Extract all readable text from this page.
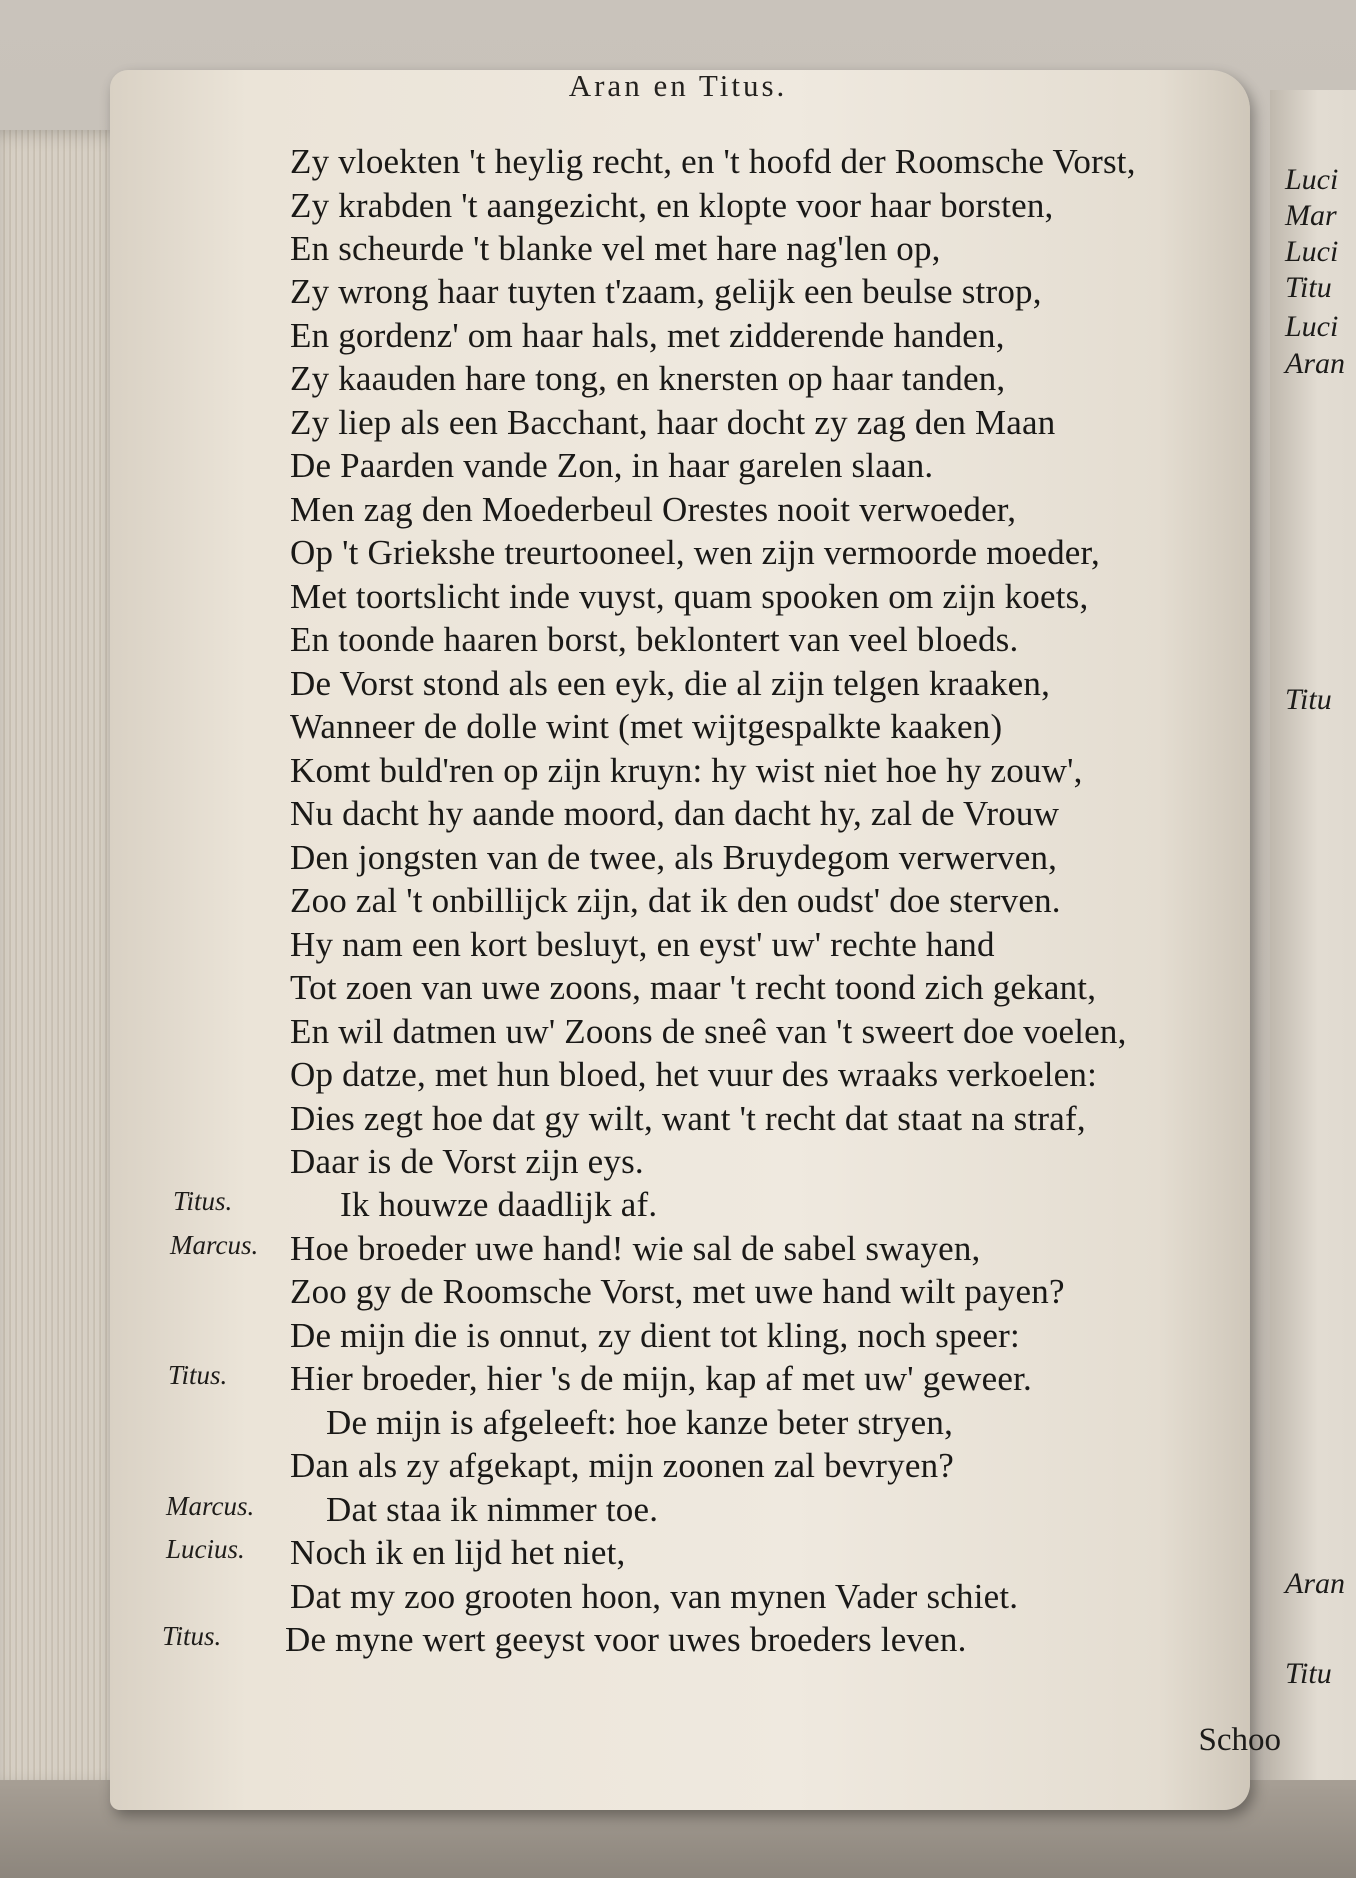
Luci
Mar
Luci
Titu
Luci
Aran
Titu
Aran
Titu
Aran en Titus.
Zy vloekten 't heylig recht, en 't hoofd der Roomsche Vorst,
Zy krabden 't aangezicht, en klopte voor haar borsten,
En scheurde 't blanke vel met hare nag'len op,
Zy wrong haar tuyten t'zaam, gelijk een beulse strop,
En gordenz' om haar hals, met zidderende handen,
Zy kaauden hare tong, en knersten op haar tanden,
Zy liep als een Bacchant, haar docht zy zag den Maan
De Paarden vande Zon, in haar garelen slaan.
Men zag den Moederbeul Orestes nooit verwoeder,
Op 't Griekshe treurtooneel, wen zijn vermoorde moeder,
Met toortslicht inde vuyst, quam spooken om zijn koets,
En toonde haaren borst, beklontert van veel bloeds.
De Vorst stond als een eyk, die al zijn telgen kraaken,
Wanneer de dolle wint (met wijtgespalkte kaaken)
Komt buld'ren op zijn kruyn: hy wist niet hoe hy zouw',
Nu dacht hy aande moord, dan dacht hy, zal de Vrouw
Den jongsten van de twee, als Bruydegom verwerven,
Zoo zal 't onbillijck zijn, dat ik den oudst' doe sterven.
Hy nam een kort besluyt, en eyst' uw' rechte hand
Tot zoen van uwe zoons, maar 't recht toond zich gekant,
En wil datmen uw' Zoons de sneê van 't sweert doe voelen,
Op datze, met hun bloed, het vuur des wraaks verkoelen:
Dies zegt hoe dat gy wilt, want 't recht dat staat na straf,
Daar is de Vorst zijn eys.
Ik houwze daadlijk af.
Hoe broeder uwe hand! wie sal de sabel swayen,
Zoo gy de Roomsche Vorst, met uwe hand wilt payen?
De mijn die is onnut, zy dient tot kling, noch speer:
Hier broeder, hier 's de mijn, kap af met uw' geweer.
De mijn is afgeleeft: hoe kanze beter stryen,
Dan als zy afgekapt, mijn zoonen zal bevryen?
Dat staa ik nimmer toe.
Noch ik en lijd het niet,
Dat my zoo grooten hoon, van mynen Vader schiet.
De myne wert geeyst voor uwes broeders leven.
Titus.
Marcus.
Titus.
Marcus.
Lucius.
Titus.
Schoo
